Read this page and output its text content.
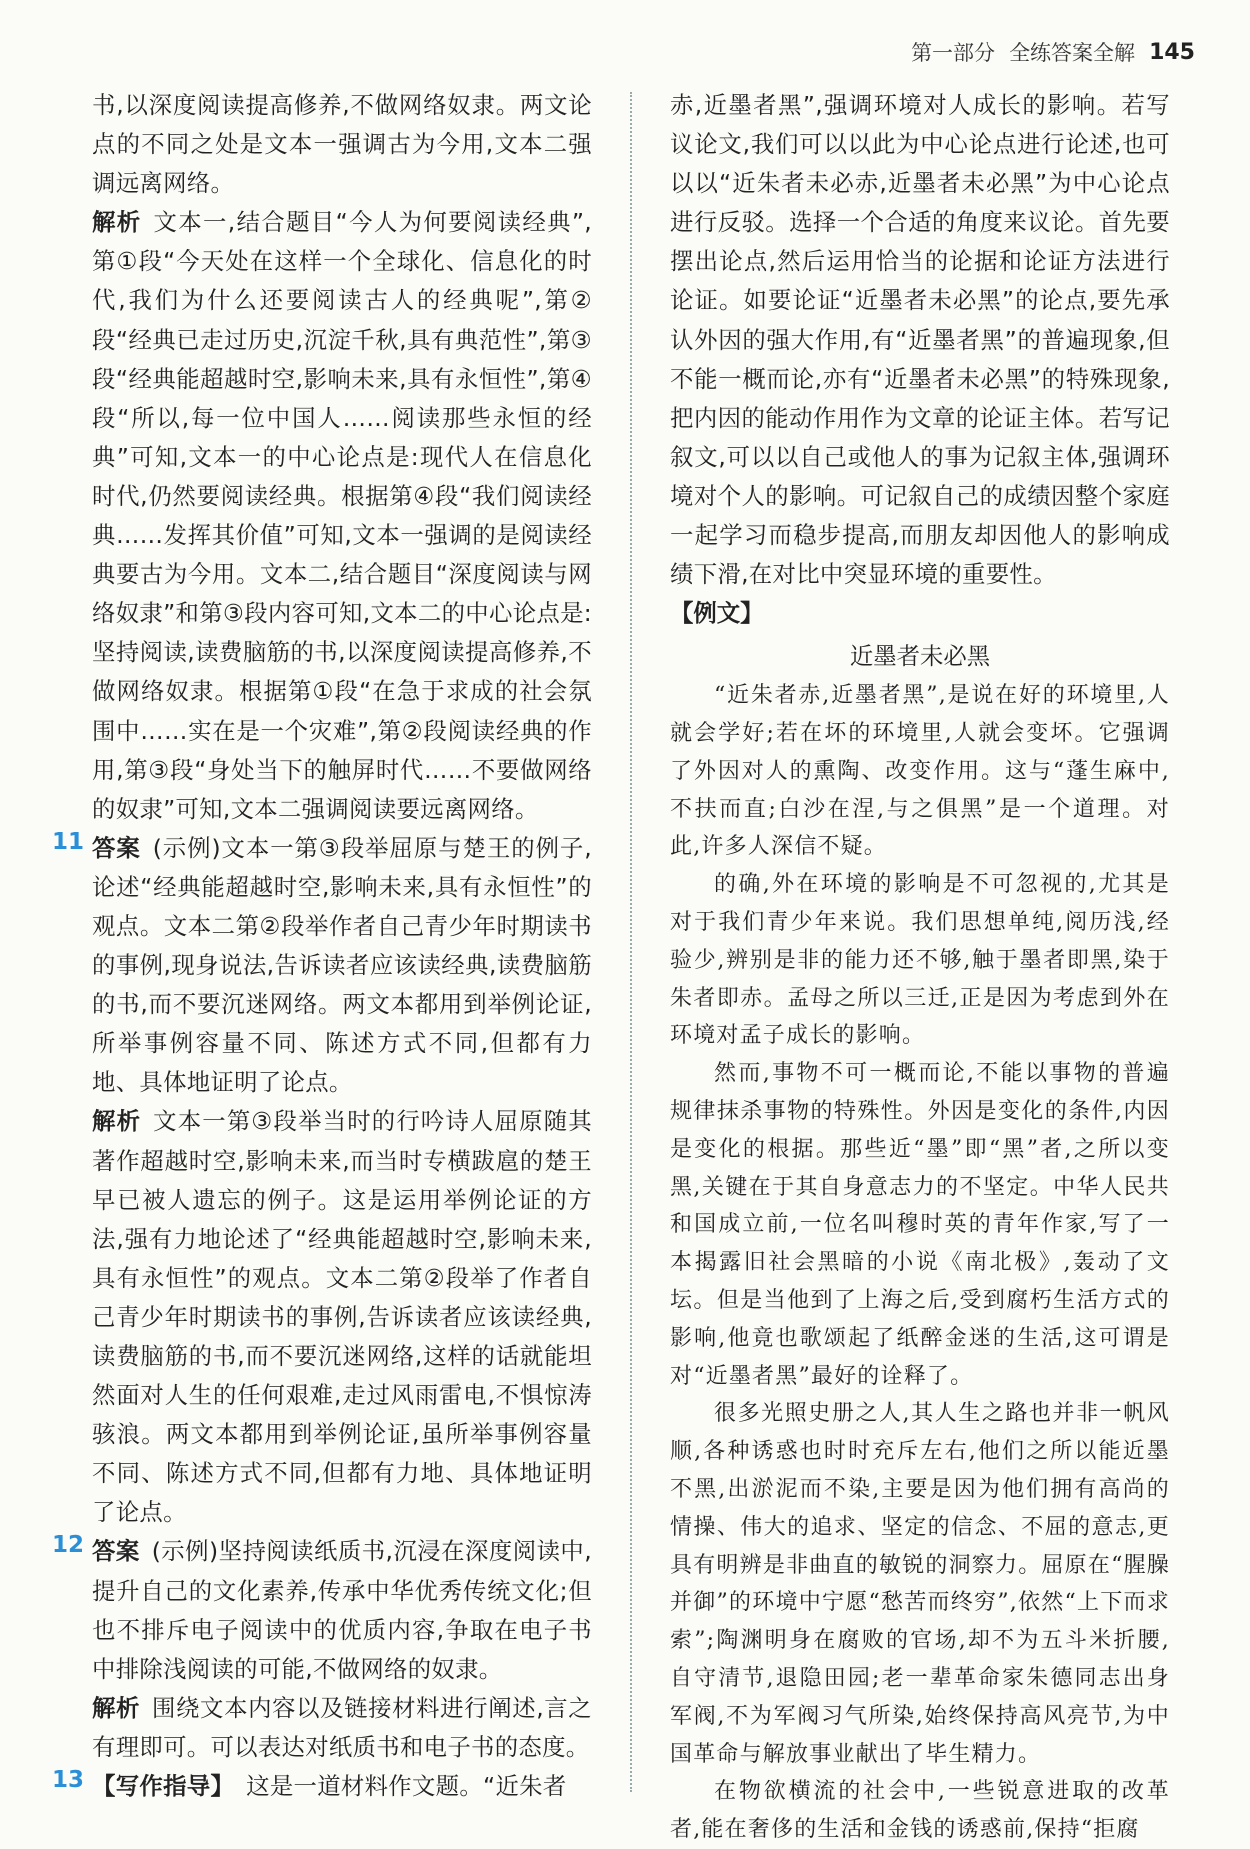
第一部分 全练答案全解 145

书,以深度阅读提高修养,不做网络奴隶。两文论点的不同之处是文本一强调古为今用,文本二强调远离网络。

解析 文本一,结合题目“今人为何要阅读经典”,第①段“今天处在这样一个全球化、信息化的时代,我们为什么还要阅读古人的经典呢”,第②段“经典已走过历史,沉淀千秋,具有典范性”,第③段“经典能超越时空,影响未来,具有永恒性”,第④段“所以,每一位中国人……阅读那些永恒的经典”可知,文本一的中心论点是:现代人在信息化时代,仍然要阅读经典。根据第④段“我们阅读经典……发挥其价值”可知,文本一强调的是阅读经典要古为今用。文本二,结合题目“深度阅读与网络奴隶”和第③段内容可知,文本二的中心论点是:坚持阅读,读费脑筋的书,以深度阅读提高修养,不做网络奴隶。根据第①段“在急于求成的社会氛围中……实在是一个灾难”,第②段阅读经典的作用,第③段“身处当下的触屏时代……不要做网络的奴隶”可知,文本二强调阅读要远离网络。

11 答案 (示例)文本一第③段举屈原与楚王的例子,论述“经典能超越时空,影响未来,具有永恒性”的观点。文本二第②段举作者自己青少年时期读书的事例,现身说法,告诉读者应该读经典,读费脑筋的书,而不要沉迷网络。两文本都用到举例论证,所举事例容量不同、陈述方式不同,但都有力地、具体地证明了论点。

解析 文本一第③段举当时的行吟诗人屈原随其著作超越时空,影响未来,而当时专横跋扈的楚王早已被人遗忘的例子。这是运用举例论证的方法,强有力地论述了“经典能超越时空,影响未来,具有永恒性”的观点。文本二第②段举了作者自己青少年时期读书的事例,告诉读者应该读经典,读费脑筋的书,而不要沉迷网络,这样的话就能坦然面对人生的任何艰难,走过风雨雷电,不惧惊涛骇浪。两文本都用到举例论证,虽所举事例容量不同、陈述方式不同,但都有力地、具体地证明了论点。

12 答案 (示例)坚持阅读纸质书,沉浸在深度阅读中,提升自己的文化素养,传承中华优秀传统文化;但也不排斥电子阅读中的优质内容,争取在电子书中排除浅阅读的可能,不做网络的奴隶。

解析 围绕文本内容以及链接材料进行阐述,言之有理即可。可以表达对纸质书和电子书的态度。

13 【写作指导】 这是一道材料作文题。“近朱者

赤,近墨者黑”,强调环境对人成长的影响。若写议论文,我们可以以此为中心论点进行论述,也可以以“近朱者未必赤,近墨者未必黑”为中心论点进行反驳。选择一个合适的角度来议论。首先要摆出论点,然后运用恰当的论据和论证方法进行论证。如要论证“近墨者未必黑”的论点,要先承认外因的强大作用,有“近墨者黑”的普遍现象,但不能一概而论,亦有“近墨者未必黑”的特殊现象,把内因的能动作用作为文章的论证主体。若写记叙文,可以以自己或他人的事为记叙主体,强调环境对个人的影响。可记叙自己的成绩因整个家庭一起学习而稳步提高,而朋友却因他人的影响成绩下滑,在对比中突显环境的重要性。

【例文】
近墨者未必黑

“近朱者赤,近墨者黑”,是说在好的环境里,人就会学好;若在坏的环境里,人就会变坏。它强调了外因对人的熏陶、改变作用。这与“蓬生麻中,不扶而直;白沙在涅,与之俱黑”是一个道理。对此,许多人深信不疑。

的确,外在环境的影响是不可忽视的,尤其是对于我们青少年来说。我们思想单纯,阅历浅,经验少,辨别是非的能力还不够,触于墨者即黑,染于朱者即赤。孟母之所以三迁,正是因为考虑到外在环境对孟子成长的影响。

然而,事物不可一概而论,不能以事物的普遍规律抹杀事物的特殊性。外因是变化的条件,内因是变化的根据。那些近“墨”即“黑”者,之所以变黑,关键在于其自身意志力的不坚定。中华人民共和国成立前,一位名叫穆时英的青年作家,写了一本揭露旧社会黑暗的小说《南北极》,轰动了文坛。但是当他到了上海之后,受到腐朽生活方式的影响,他竟也歌颂起了纸醉金迷的生活,这可谓是对“近墨者黑”最好的诠释了。

很多光照史册之人,其人生之路也并非一帆风顺,各种诱惑也时时充斥左右,他们之所以能近墨不黑,出淤泥而不染,主要是因为他们拥有高尚的情操、伟大的追求、坚定的信念、不屈的意志,更具有明辨是非曲直的敏锐的洞察力。屈原在“腥臊并御”的环境中宁愿“愁苦而终穷”,依然“上下而求索”;陶渊明身在腐败的官场,却不为五斗米折腰,自守清节,退隐田园;老一辈革命家朱德同志出身军阀,不为军阀习气所染,始终保持高风亮节,为中国革命与解放事业献出了毕生精力。

在物欲横流的社会中,一些锐意进取的改革者,能在奢侈的生活和金钱的诱惑前,保持“拒腐
